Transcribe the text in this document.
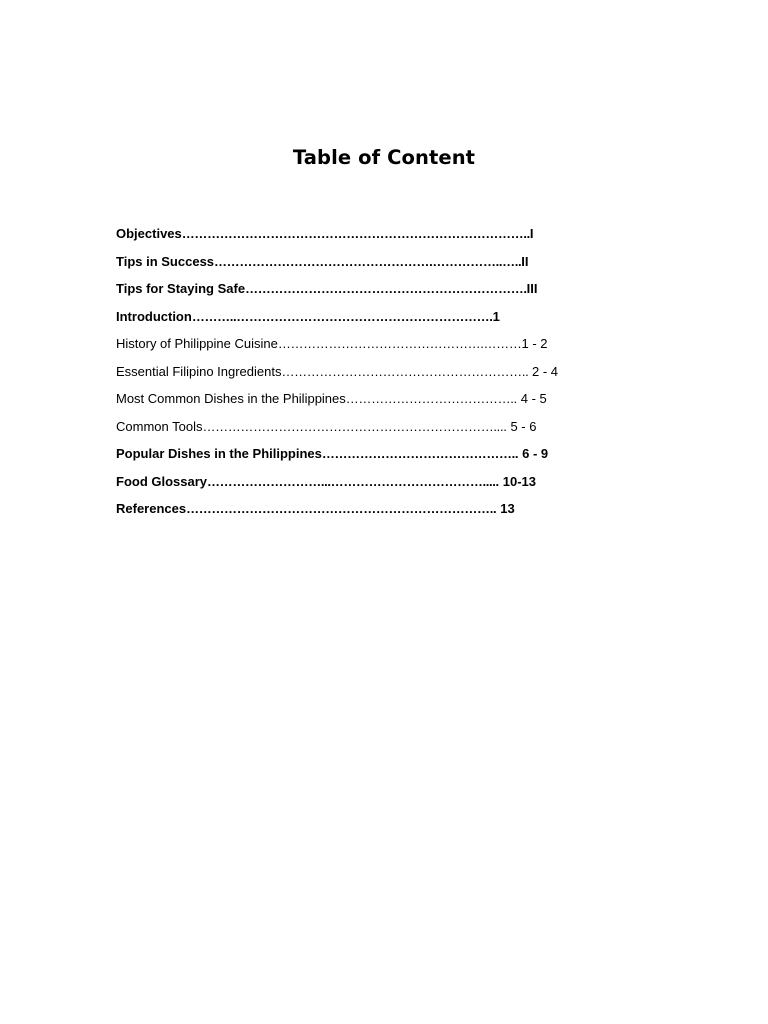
Table of Content
Objectives………………………………………………………………………..I
Tips in Success…………………………………………….……………..…..II
Tips for Staying Safe………………………………………………………….III
Introduction………..…………………………………………………….1
History of Philippine Cuisine………………………………………….………1 - 2
Essential Filipino Ingredients………………………………………………….. 2 - 4
Most Common Dishes in the Philippines………………………………….. 4 - 5
Common Tools…………………………………………………………….... 5 - 6
Popular Dishes in the Philippines……………………………………….. 6 - 9
Food Glossary………………………...………………………………..... 10-13
References……………………………………………………………….. 13
